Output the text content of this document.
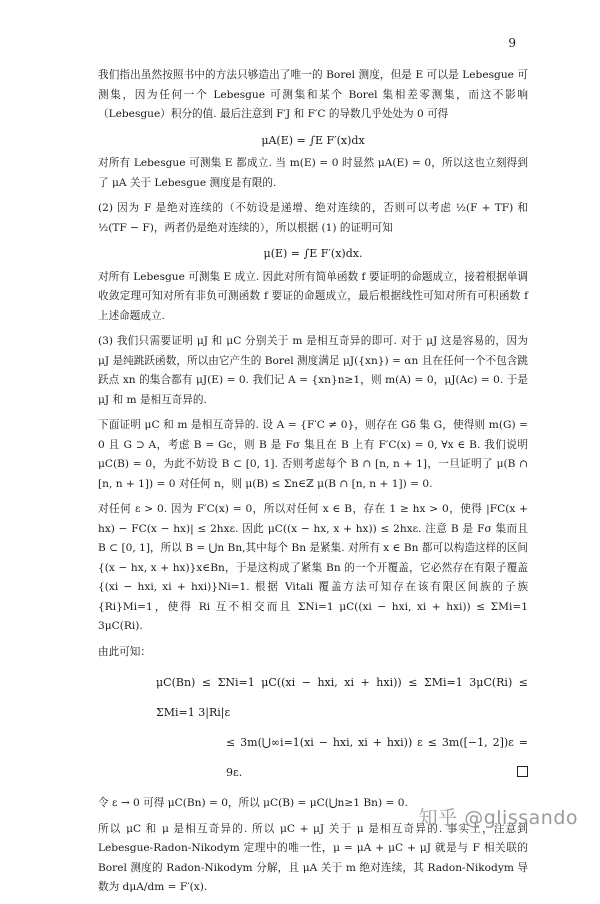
9

我们指出虽然按照书中的方法只够造出了唯一的 Borel 测度，但是 E 可以是 Lebesgue 可测集，因为任何一个 Lebesgue 可测集和某个 Borel 集相差零测集，而这不影响（Lebesgue）积分的值. 最后注意到 F′J 和 F′C 的导数几乎处处为 0 可得

μA(E) = ∫E F′(x)dx

对所有 Lebesgue 可测集 E 都成立. 当 m(E) = 0 时显然 μA(E) = 0，所以这也立刻得到了 μA 关于 Lebesgue 测度是有限的.

(2) 因为 F 是绝对连续的（不妨设是递增、绝对连续的，否则可以考虑 ½(F + TF) 和 ½(TF − F)，两者仍是绝对连续的），所以根据 (1) 的证明可知

μ(E) = ∫E F′(x)dx.

对所有 Lebesgue 可测集 E 成立. 因此对所有简单函数 f 要证明的命题成立，接着根据单调收敛定理可知对所有非负可测函数 f 要证的命题成立，最后根据线性可知对所有可积函数 f 上述命题成立.

(3) 我们只需要证明 μJ 和 μC 分别关于 m 是相互奇异的即可. 对于 μJ 这是容易的，因为 μJ 是纯跳跃函数，所以由它产生的 Borel 测度满足 μJ({xn}) = αn 且在任何一个不包含跳跃点 xn 的集合都有 μJ(E) = 0. 我们记 A = {xn}n≥1，则 m(A) = 0，μJ(Ac) = 0. 于是 μJ 和 m 是相互奇异的.

下面证明 μC 和 m 是相互奇异的. 设 A = {F′C ≠ 0}，则存在 Gδ 集 G，使得则 m(G) = 0 且 G ⊃ A，考虑 B = Gc，则 B 是 Fσ 集且在 B 上有 F′C(x) = 0, ∀x ∈ B. 我们说明 μC(B) = 0，为此不妨设 B ⊂ [0, 1]. 否则考虑每个 B ∩ [n, n + 1]，一旦证明了 μ(B ∩ [n, n + 1]) = 0 对任何 n，则 μ(B) ≤ Σn∈ℤ μ(B ∩ [n, n + 1]) = 0.

对任何 ε > 0. 因为 F′C(x) = 0，所以对任何 x ∈ B，存在 1 ≥ hx > 0，使得 |FC(x + hx) − FC(x − hx)| ≤ 2hxε. 因此 μC((x − hx, x + hx)) ≤ 2hxε. 注意 B 是 Fσ 集而且 B ⊂ [0, 1]，所以 B = ⋃n Bn,其中每个 Bn 是紧集. 对所有 x ∈ Bn 都可以构造这样的区间 {(x − hx, x + hx)}x∈Bn，于是这构成了紧集 Bn 的一个开覆盖，它必然存在有限子覆盖 {(xi − hxi, xi + hxi)}Ni=1. 根据 Vitali 覆盖方法可知存在该有限区间族的子族 {Ri}Mi=1，使得 Ri 互不相交而且 ΣNi=1 μC((xi − hxi, xi + hxi)) ≤ ΣMi=1 3μC(Ri).

由此可知：

μC(Bn) ≤ ΣNi=1 μC((xi − hxi, xi + hxi)) ≤ ΣMi=1 3μC(Ri) ≤ ΣMi=1 3|Ri|ε
≤ 3m(⋃∞i=1(xi − hxi, xi + hxi)) ε ≤ 3m([−1, 2])ε = 9ε.

令 ε → 0 可得 μC(Bn) = 0，所以 μC(B) = μC(⋃n≥1 Bn) = 0.

所以 μC 和 μ 是相互奇异的. 所以 μC + μJ 关于 μ 是相互奇异的. 事实上，注意到 Lebesgue-Radon-Nikodym 定理中的唯一性，μ = μA + μC + μJ 就是与 F 相关联的 Borel 测度的 Radon-Nikodym 分解，且 μA 关于 m 绝对连续，其 Radon-Nikodym 导数为 dμA/dm = F′(x).

知乎 @glissando
